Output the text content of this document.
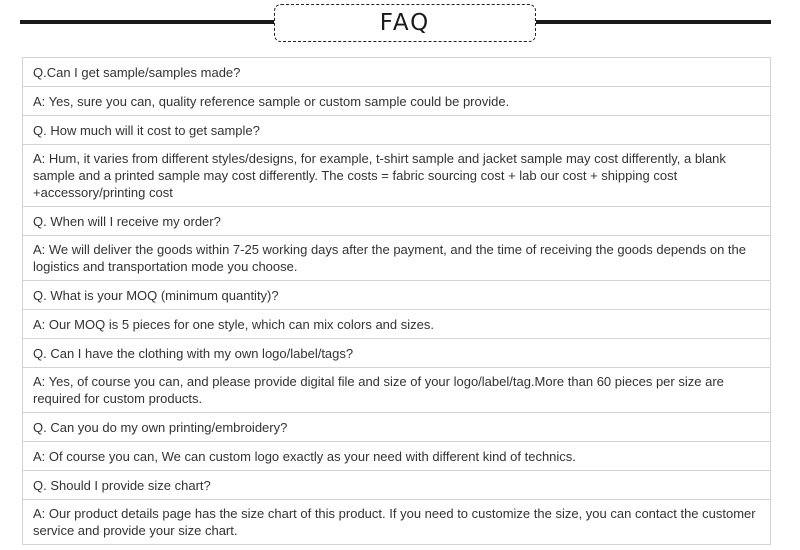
FAQ
Q.Can I get sample/samples made?
A: Yes, sure you can, quality reference sample or custom sample could be provide.
Q. How much will it cost to get sample?
A: Hum, it varies from different styles/designs, for example, t-shirt sample and jacket sample may cost differently, a blank sample and a printed sample may cost differently. The costs = fabric sourcing cost + lab our cost + shipping cost +accessory/printing cost
Q. When will I receive my order?
A: We will deliver the goods within 7-25 working days after the payment, and the time of receiving the goods depends on the logistics and transportation mode you choose.
Q. What is your MOQ (minimum quantity)?
A: Our MOQ is 5 pieces for one style, which can mix colors and sizes.
Q. Can I have the clothing with my own logo/label/tags?
A: Yes, of course you can, and please provide digital file and size of your logo/label/tag.More than 60 pieces per size are required for custom products.
Q. Can you do my own printing/embroidery?
A: Of course you can, We can custom logo exactly as your need with different kind of technics.
Q. Should I provide size chart?
A: Our product details page has the size chart of this product. If you need to customize the size, you can contact the customer service and provide your size chart.
